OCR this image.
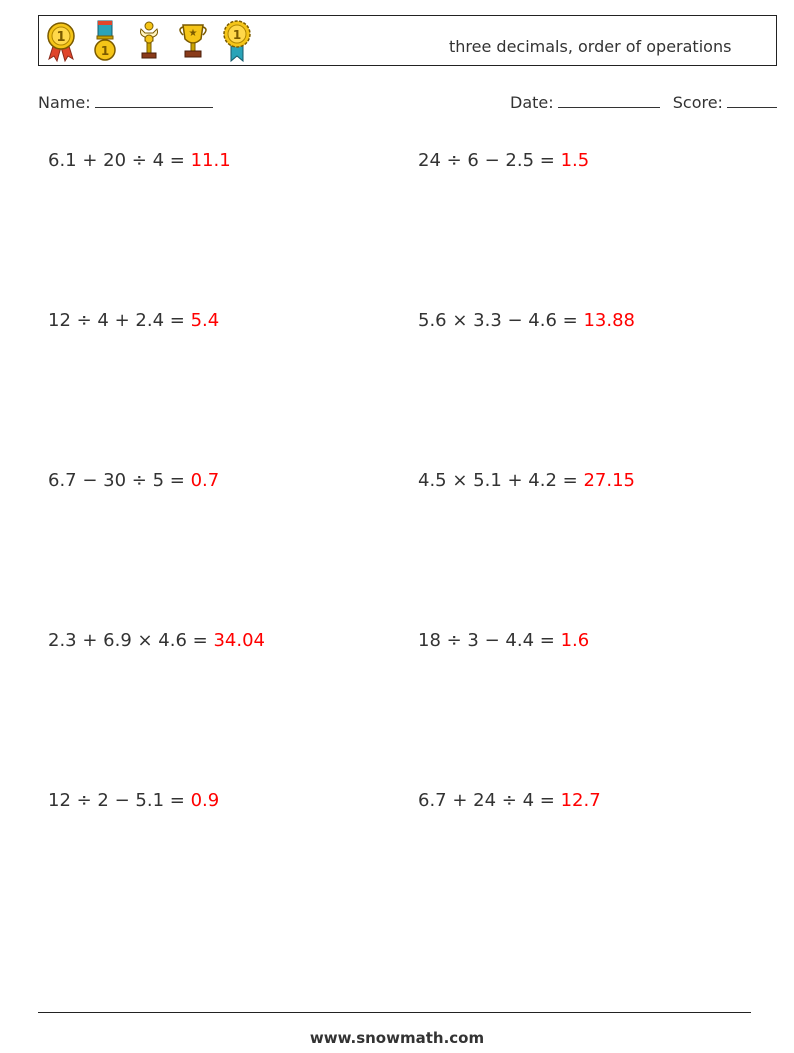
1
1
★	1
three decimals, order of operations
Name:	Date:	Score:
6.1 + 20 ÷ 4 = 11.1	24 ÷ 6 − 2.5 = 1.5
12 ÷ 4 + 2.4 = 5.4	5.6 × 3.3 − 4.6 = 13.88
6.7 − 30 ÷ 5 = 0.7	4.5 × 5.1 + 4.2 = 27.15
2.3 + 6.9 × 4.6 = 34.04	18 ÷ 3 − 4.4 = 1.6
12 ÷ 2 − 5.1 = 0.9	6.7 + 24 ÷ 4 = 12.7
www.snowmath.com
